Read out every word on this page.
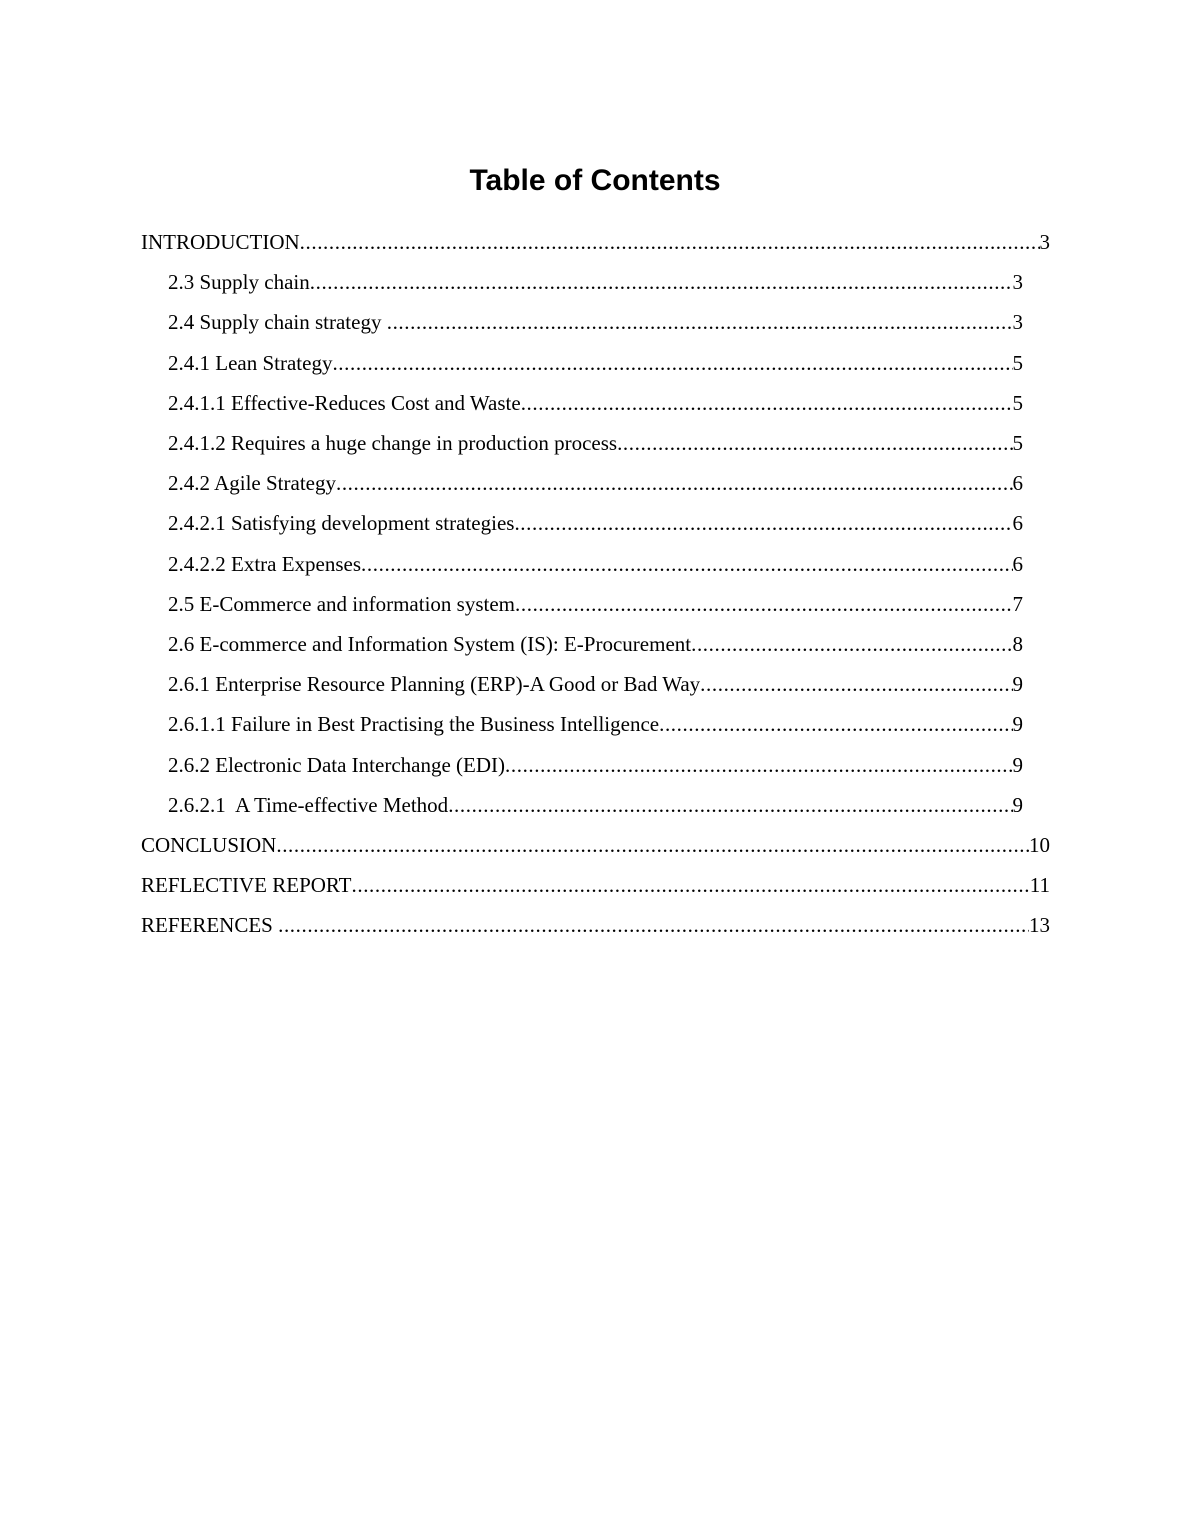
Table of Contents
INTRODUCTION .....	3
2.3 Supply chain .....	3
2.4 Supply chain strategy .....	3
2.4.1 Lean Strategy .....	5
2.4.1.1 Effective-Reduces Cost and Waste .....	5
2.4.1.2 Requires a huge change in production process .....	5
2.4.2 Agile Strategy .....	6
2.4.2.1 Satisfying development strategies .....	6
2.4.2.2 Extra Expenses .....	6
2.5 E-Commerce and information system .....	7
2.6 E-commerce and Information System (IS): E-Procurement .....	8
2.6.1 Enterprise Resource Planning (ERP)-A Good or Bad Way .....	9
2.6.1.1 Failure in Best Practising the Business Intelligence .....	9
2.6.2 Electronic Data Interchange (EDI) .....	9
2.6.2.1  A Time-effective Method .....	9
CONCLUSION .....	10
REFLECTIVE REPORT .....	11
REFERENCES .....	13
